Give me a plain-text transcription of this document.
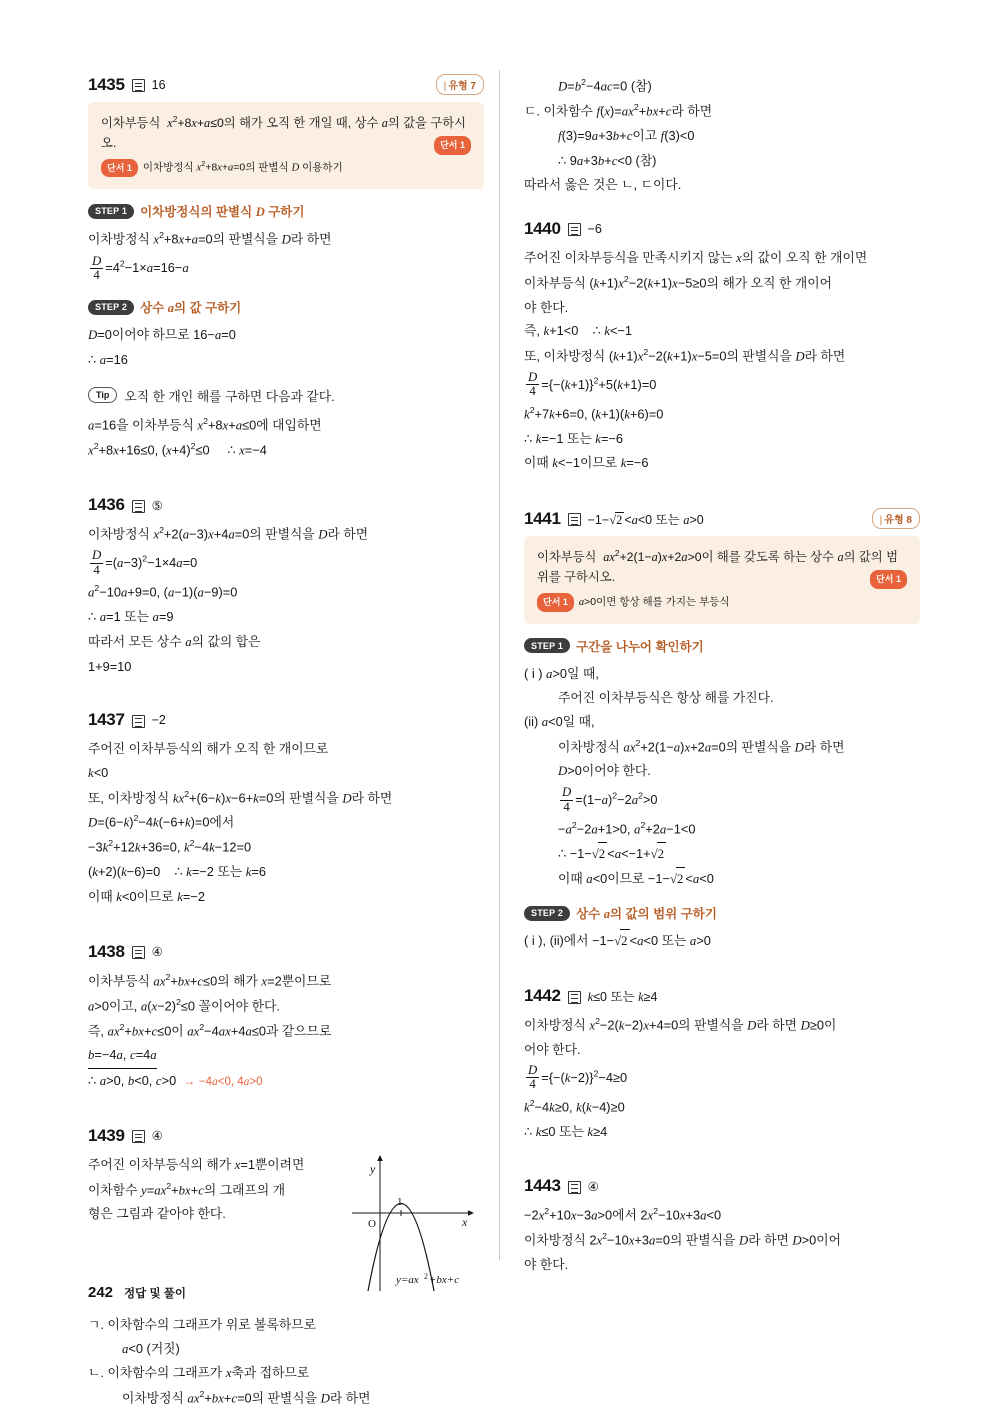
1435 16	| 유형 7
이차부등식  $x^2+8x+a\le 0$의 해가 오직 한 개일 때, 상수 a의 값을 구하시오.	단서 1
단서 1	이차방정식 $x^2+8x+a=0$의 판별식 D 이용하기
STEP 1	이차방정식의 판별식 D 구하기
이차방정식 $x^2+8x+a=0$의 판별식을 D라 하면
$\frac{D}{4} =4^2-1\times a=16-a$
STEP 2	상수 a의 값 구하기
D=0이어야 하므로 16−a=0
∴ a=16
Tip	오직 한 개인 해를 구하면 다음과 같다.
a=16을 이차부등식 $x^2+8x+a\le 0$에 대입하면
$x^2+8x+16\le 0$, $(x+4)^2\le 0$     ∴ x=−4
1436 ⑤
이차방정식 $x^2+2(a-3)x+4a=0$의 판별식을 D라 하면
$\frac{D}{4} =(a-3)^2-1\times 4a=0$
$a^2-10a+9=0$, (a−1)(a−9)=0
∴ a=1 또는 a=9
따라서 모든 상수 a의 값의 합은
1+9=10
1437 −2
주어진 이차부등식의 해가 오직 한 개이므로
k<0
또, 이차방정식 $kx^2+(6-k)x-6+k=0$의 판별식을 D라 하면
$D=(6-k)^2-4k(-6+k)=0$에서
$-3k^2+12k+36=0$, $k^2-4k-12=0$
(k+2)(k−6)=0    ∴ k=−2 또는 k=6
이때 k<0이므로 k=−2
1438 ④
이차부등식 $ax^2+bx+c\le 0$의 해가 x=2뿐이므로
a>0이고, $a(x-2)^2\le 0$ 꼴이어야 한다.
즉, $ax^2+bx+c\le 0$이 $ax^2-4ax+4a\le 0$과 같으므로
b=−4a, c=4a
∴ a>0, b<0, c>0  → −4a<0, 4a>0
1439 ④
주어진 이차부등식의 해가 x=1뿐이려면
이차함수 $y=ax^2+bx+c$의 그래프의 개
형은 그림과 같아야 한다.
y
x
O
1
y=ax 2 +bx+c
ㄱ. 이차함수의 그래프가 위로 볼록하므로
a<0 (거짓)
ㄴ. 이차함수의 그래프가 x축과 접하므로
이차방정식 $ax^2+bx+c=0$의 판별식을 D라 하면
$D=b^2-4ac=0$ (참)
ㄷ. 이차함수 $f(x)=ax^2+bx+c$라 하면
f(3)=9a+3b+c이고 f(3)<0
∴ 9a+3b+c<0 (참)
따라서 옳은 것은 ㄴ, ㄷ이다.
1440 −6
주어진 이차부등식을 만족시키지 않는 x의 값이 오직 한 개이면
이차부등식 $(k+1)x^2-2(k+1)x-5\ge 0$의 해가 오직 한 개이어
야 한다.
즉, k+1<0    ∴ k<−1
또, 이차방정식 $(k+1)x^2-2(k+1)x-5=0$의 판별식을 D라 하면
$\frac{D}{4} =\{-(k+1)\}^2+5(k+1)=0$
$k^2+7k+6=0$, (k+1)(k+6)=0
∴ k=−1 또는 k=−6
이때 k<−1이므로 k=−6
1441 −1−√2 <a<0 또는 a>0	| 유형 8
이차부등식  $ax^2+2(1-a)x+2a>0$이 해를 갖도록 하는 상수 a의 값의 범위를 구하시오.	단서 1
단서 1	a>0이면 항상 해를 가지는 부등식
STEP 1	구간을 나누어 확인하기
( i ) a>0일 때,
주어진 이차부등식은 항상 해를 가진다.
(ii) a<0일 때,
이차방정식 $ax^2+2(1-a)x+2a=0$의 판별식을 D라 하면
D>0이어야 한다.
$\frac{D}{4} =(1-a)^2-2a^2>0$
$-a^2-2a+1>0$, $a^2+2a-1<0$
∴ −1−√2 <a<−1+√2
이때 a<0이므로 −1−√2 <a<0
STEP 2	상수 a의 값의 범위 구하기
( i ), (ii)에서 −1−√2 <a<0 또는 a>0
1442 k≤0 또는 k≥4
이차방정식 $x^2-2(k-2)x+4=0$의 판별식을 D라 하면 D≥0이
어야 한다.
$\frac{D}{4} =\{-(k-2)\}^2-4\ge 0$
$k^2-4k\ge 0$, k(k−4)≥0
∴ k≤0 또는 k≥4
1443 ④
$-2x^2+10x-3a>0$에서 $2x^2-10x+3a<0$
이차방정식 $2x^2-10x+3a=0$의 판별식을 D라 하면 D>0이어
야 한다.
242 정답 및 풀이
